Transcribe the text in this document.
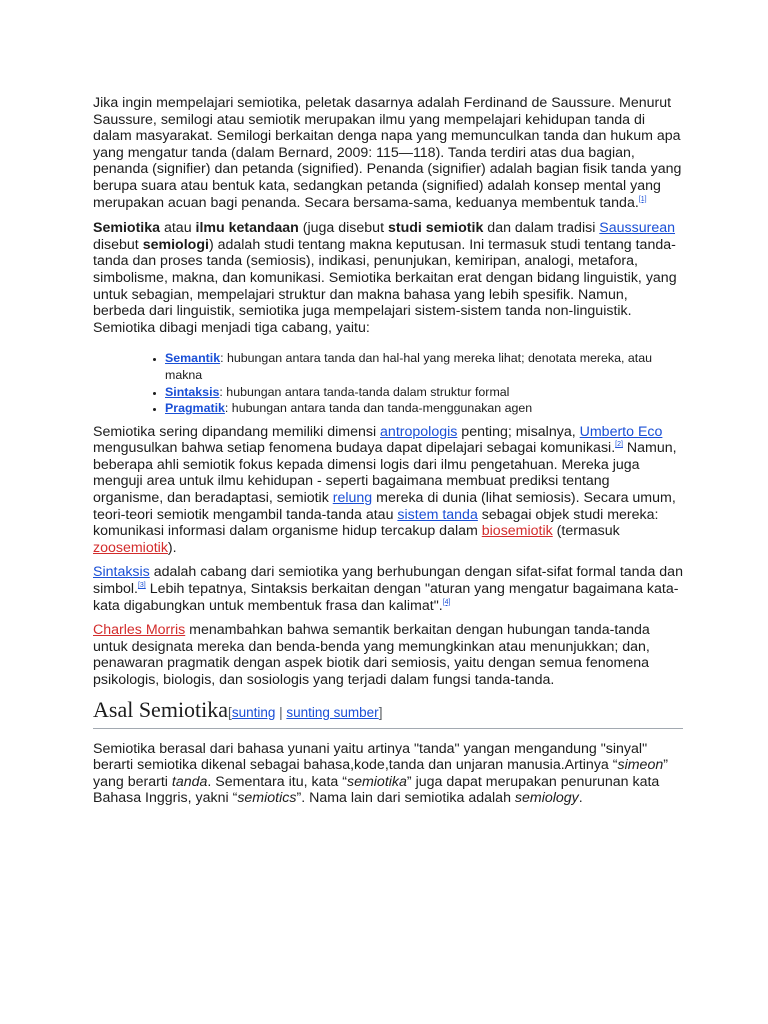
Jika ingin mempelajari semiotika, peletak dasarnya adalah Ferdinand de Saussure. Menurut Saussure, semilogi atau semiotik merupakan ilmu yang mempelajari kehidupan tanda di dalam masyarakat. Semilogi berkaitan denga napa yang memunculkan tanda dan hukum apa yang mengatur tanda (dalam Bernard, 2009: 115—118). Tanda terdiri atas dua bagian, penanda (signifier) dan petanda (signified). Penanda (signifier) adalah bagian fisik tanda yang berupa suara atau bentuk kata, sedangkan petanda (signified) adalah konsep mental yang merupakan acuan bagi penanda. Secara bersama-sama, keduanya membentuk tanda.[1]

Semiotika atau ilmu ketandaan (juga disebut studi semiotik dan dalam tradisi Saussurean disebut semiologi) adalah studi tentang makna keputusan. Ini termasuk studi tentang tanda-tanda dan proses tanda (semiosis), indikasi, penunjukan, kemiripan, analogi, metafora, simbolisme, makna, dan komunikasi. Semiotika berkaitan erat dengan bidang linguistik, yang untuk sebagian, mempelajari struktur dan makna bahasa yang lebih spesifik. Namun, berbeda dari linguistik, semiotika juga mempelajari sistem-sistem tanda non-linguistik. Semiotika dibagi menjadi tiga cabang, yaitu:

• Semantik: hubungan antara tanda dan hal-hal yang mereka lihat; denotata mereka, atau makna
• Sintaksis: hubungan antara tanda-tanda dalam struktur formal
• Pragmatik: hubungan antara tanda dan tanda-menggunakan agen

Semiotika sering dipandang memiliki dimensi antropologis penting; misalnya, Umberto Eco mengusulkan bahwa setiap fenomena budaya dapat dipelajari sebagai komunikasi.[2] Namun, beberapa ahli semiotik fokus kepada dimensi logis dari ilmu pengetahuan. Mereka juga menguji area untuk ilmu kehidupan - seperti bagaimana membuat prediksi tentang organisme, dan beradaptasi, semiotik relung mereka di dunia (lihat semiosis). Secara umum, teori-teori semiotik mengambil tanda-tanda atau sistem tanda sebagai objek studi mereka: komunikasi informasi dalam organisme hidup tercakup dalam biosemiotik (termasuk zoosemiotik).

Sintaksis adalah cabang dari semiotika yang berhubungan dengan sifat-sifat formal tanda dan simbol.[3] Lebih tepatnya, Sintaksis berkaitan dengan "aturan yang mengatur bagaimana kata-kata digabungkan untuk membentuk frasa dan kalimat".[4]

Charles Morris menambahkan bahwa semantik berkaitan dengan hubungan tanda-tanda untuk designata mereka dan benda-benda yang memungkinkan atau menunjukkan; dan, penawaran pragmatik dengan aspek biotik dari semiosis, yaitu dengan semua fenomena psikologis, biologis, dan sosiologis yang terjadi dalam fungsi tanda-tanda.

Asal Semiotika[sunting | sunting sumber]

Semiotika berasal dari bahasa yunani yaitu artinya "tanda" yangan mengandung "sinyal" berarti semiotika dikenal sebagai bahasa,kode,tanda dan unjaran manusia.Artinya “simeon” yang berarti tanda. Sementara itu, kata “semiotika” juga dapat merupakan penurunan kata Bahasa Inggris, yakni “semiotics”. Nama lain dari semiotika adalah semiology.
